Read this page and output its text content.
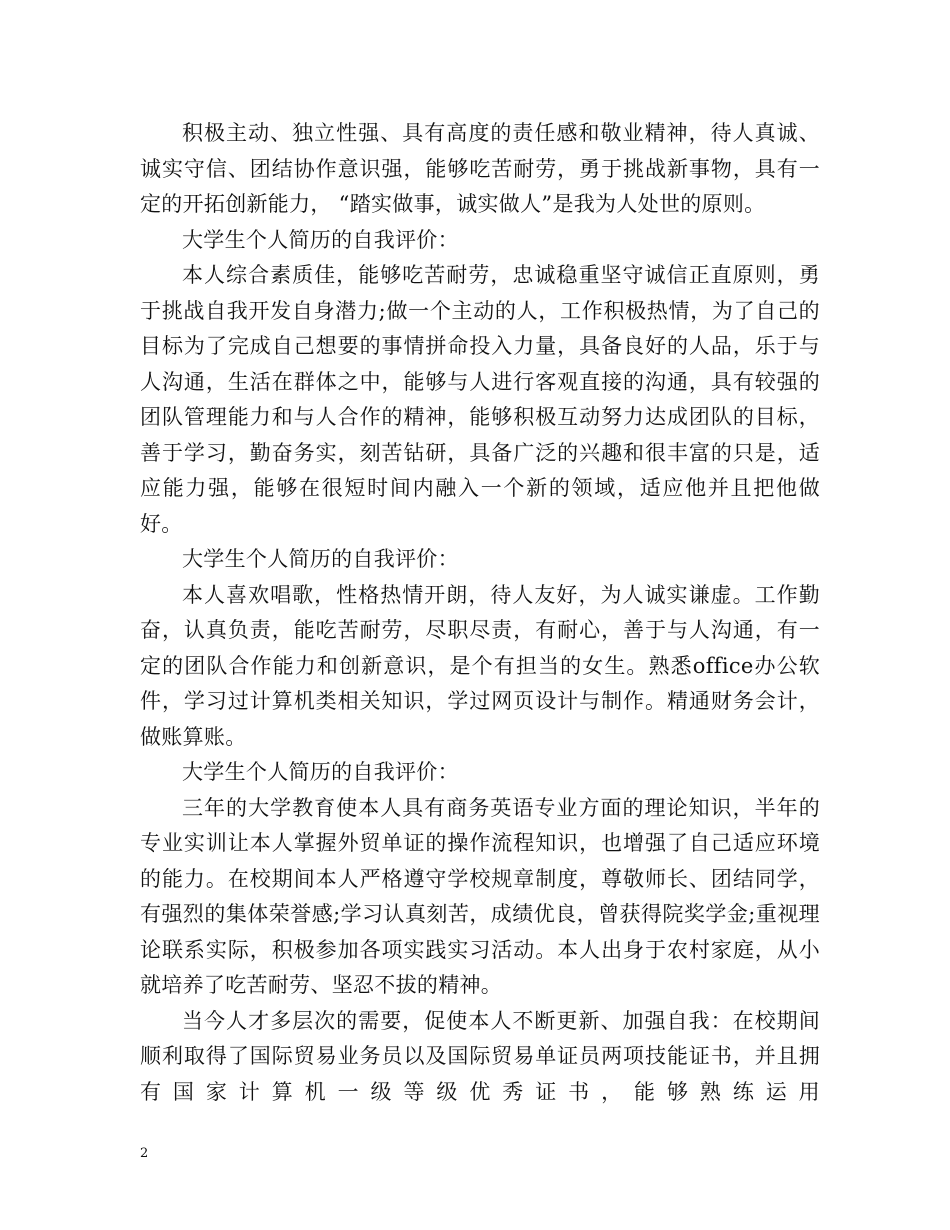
积极主动、独立性强、具有高度的责任感和敬业精神，待人真诚、诚实守信、团结协作意识强，能够吃苦耐劳，勇于挑战新事物，具有一定的开拓创新能力， “踏实做事，诚实做人”是我为人处世的原则。

大学生个人简历的自我评价：

本人综合素质佳，能够吃苦耐劳，忠诚稳重坚守诚信正直原则，勇于挑战自我开发自身潜力;做一个主动的人，工作积极热情，为了自己的目标为了完成自己想要的事情拼命投入力量，具备良好的人品，乐于与人沟通，生活在群体之中，能够与人进行客观直接的沟通，具有较强的团队管理能力和与人合作的精神，能够积极互动努力达成团队的目标，善于学习，勤奋务实，刻苦钻研，具备广泛的兴趣和很丰富的只是，适应能力强，能够在很短时间内融入一个新的领域，适应他并且把他做好。

大学生个人简历的自我评价：

本人喜欢唱歌，性格热情开朗，待人友好，为人诚实谦虚。工作勤奋，认真负责，能吃苦耐劳，尽职尽责，有耐心，善于与人沟通，有一定的团队合作能力和创新意识，是个有担当的女生。熟悉office办公软件，学习过计算机类相关知识，学过网页设计与制作。精通财务会计，做账算账。

大学生个人简历的自我评价：

三年的大学教育使本人具有商务英语专业方面的理论知识，半年的专业实训让本人掌握外贸单证的操作流程知识，也增强了自己适应环境的能力。在校期间本人严格遵守学校规章制度，尊敬师长、团结同学，有强烈的集体荣誉感;学习认真刻苦，成绩优良，曾获得院奖学金;重视理论联系实际，积极参加各项实践实习活动。本人出身于农村家庭，从小就培养了吃苦耐劳、坚忍不拔的精神。

当今人才多层次的需要，促使本人不断更新、加强自我：在校期间顺利取得了国际贸易业务员以及国际贸易单证员两项技能证书，并且拥有国家计算机一级等级优秀证书，能够熟练运用

2
